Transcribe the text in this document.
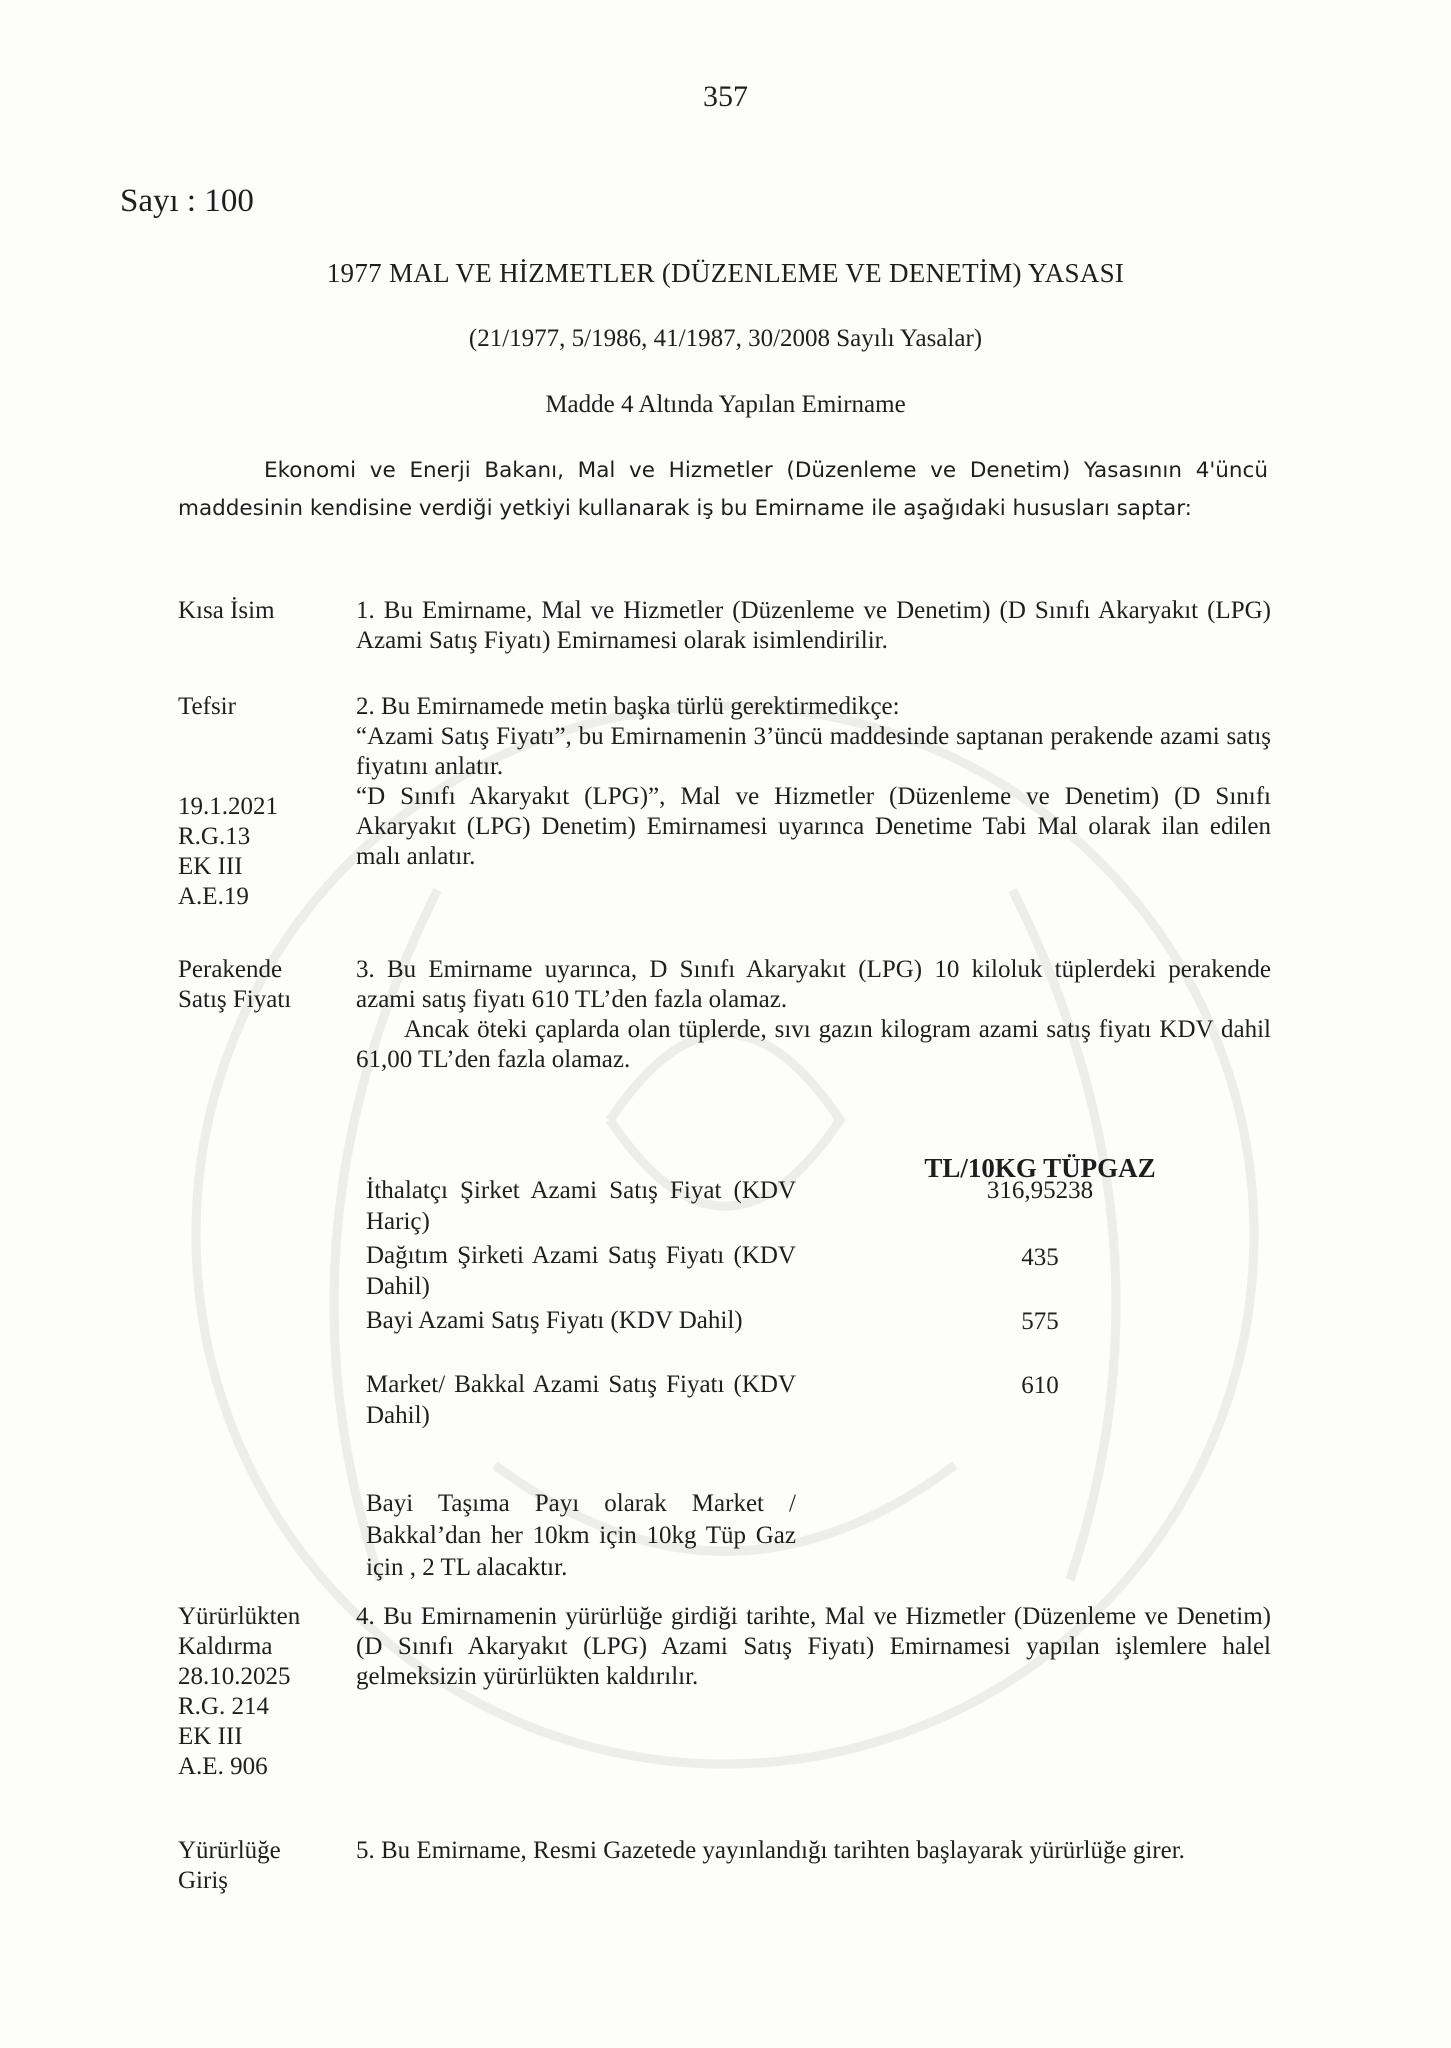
357
Sayı : 100
1977 MAL VE HİZMETLER (DÜZENLEME VE DENETİM) YASASI
(21/1977, 5/1986, 41/1987, 30/2008 Sayılı Yasalar)
Madde 4 Altında Yapılan Emirname
Ekonomi ve Enerji Bakanı, Mal ve Hizmetler (Düzenleme ve Denetim) Yasasının 4'üncü maddesinin kendisine verdiği yetkiyi kullanarak iş bu Emirname ile aşağıdaki hususları saptar:
Kısa İsim	1. Bu Emirname, Mal ve Hizmetler (Düzenleme ve Denetim) (D Sınıfı Akaryakıt (LPG) Azami Satış Fiyatı) Emirnamesi olarak isimlendirilir.
Tefsir
19.1.2021
R.G.13
EK III
A.E.19
2. Bu Emirnamede metin başka türlü gerektirmedikçe:
“Azami Satış Fiyatı”, bu Emirnamenin 3’üncü maddesinde saptanan perakende azami satış fiyatını anlatır.
“D Sınıfı Akaryakıt (LPG)”, Mal ve Hizmetler (Düzenleme ve Denetim) (D Sınıfı Akaryakıt (LPG) Denetim) Emirnamesi uyarınca Denetime Tabi Mal olarak ilan edilen malı anlatır.
Perakende
Satış Fiyatı
3. Bu Emirname uyarınca, D Sınıfı Akaryakıt (LPG) 10 kiloluk tüplerdeki perakende azami satış fiyatı 610 TL’den fazla olamaz.
Ancak öteki çaplarda olan tüplerde, sıvı gazın kilogram azami satış fiyatı KDV dahil 61,00 TL’den fazla olamaz.
TL/10KG TÜPGAZ
İthalatçı Şirket Azami Satış Fiyat (KDV Hariç)
316,95238
Dağıtım Şirketi Azami Satış Fiyatı (KDV Dahil)
435
Bayi Azami Satış Fiyatı (KDV Dahil)	575
Market/ Bakkal Azami Satış Fiyatı (KDV Dahil)
610
Bayi Taşıma Payı olarak Market / Bakkal’dan her 10km için 10kg Tüp Gaz için , 2 TL alacaktır.
Yürürlükten
Kaldırma
28.10.2025
R.G. 214
EK III
A.E. 906
4. Bu Emirnamenin yürürlüğe girdiği tarihte, Mal ve Hizmetler (Düzenleme ve Denetim) (D Sınıfı Akaryakıt (LPG) Azami Satış Fiyatı) Emirnamesi yapılan işlemlere halel gelmeksizin yürürlükten kaldırılır.
Yürürlüğe
Giriş
5. Bu Emirname, Resmi Gazetede yayınlandığı tarihten başlayarak yürürlüğe girer.
